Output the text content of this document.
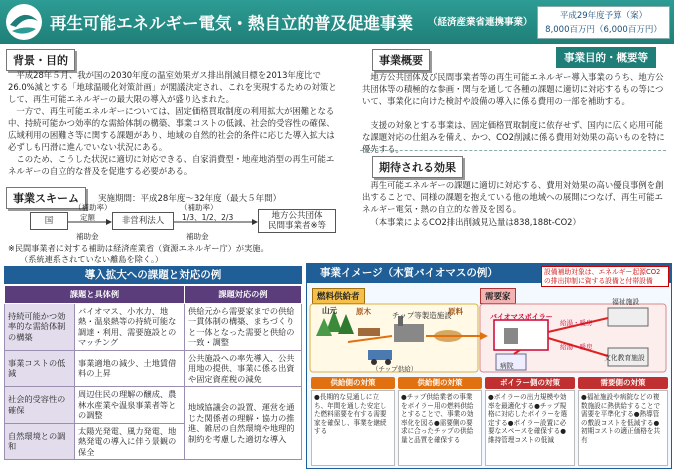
再生可能エネルギー電気・熱自立的普及促進事業 （経済産業省連携事業）
平成29年度予算（案）
8,000百万円（6,000百万円）
背景・目的
平成28年５月、我が国の2030年度の温室効果ガス排出削減目標を2013年度比で26.0%減とする「地球温暖化対策計画」が閣議決定され、これを実現するための対策として、再生可能エネルギーの最大限の導入が盛り込まれた。
一方で、再生可能エネルギーについては、固定価格買取制度の利用拡大が困難となる中、持続可能かつ効率的な需給体制の構築、事業コストの低減、社会的受容性の確保、広域利用の困難さ等に関する課題があり、地域の自然的社会的条件に応じた導入拡大は必ずしも円滑に進んでいない状況にある。
このため、こうした状況に適切に対応できる、自家消費型・地産地消型の再生可能エネルギーの自立的な普及を促進する必要がある。
事業スキーム	実施期間：平成28年度～32年度（最大５年間）
国	非営利法人	地方公共団体
民間事業者※等
（補助率）
定額
補助金
（補助率）
1/3、1/2、2/3
補助金
※民間事業者に対する補助は経済産業省（資源エネルギー庁）が実施。
（系統連系されていない離島を除く。）
事業概要	事業目的・概要等
地方公共団体及び民間事業者等の再生可能エネルギー導入事業のうち、地方公共団体等の積極的な参画・関与を通して各種の課題に適切に対応するもの等について、事業化に向けた検討や設備の導入に係る費用の一部を補助する。
支援の対象とする事業は、固定価格買取制度に依存せず、国内に広く応用可能な課題対応の仕組みを備え、かつ、CO2削減に係る費用対効果の高いものを特に優先する。
期待される効果
再生可能エネルギーの課題に適切に対応する、費用対効果の高い優良事例を創出することで、同様の課題を抱えている他の地域への展開につなげ、再生可能エネルギー電気・熱の自立的な普及を図る。
（本事業によるCO2排出削減見込量は838,188t-CO2）
導入拡大への課題と対応の例
課題と具体例		課題対応の例
持続可能かつ効率的な需給体制の構築	バイオマス、小水力、地熱・温泉熱等の持続可能な調達・利用、需要施設とのマッチング	供給元から需要家までの供給一貫体制の構築、まちづくりと一体となった需要と供給の一致・調整
事業コストの低減	事業適地の減少、土地賃借料の上昇	公共施設への率先導入、公共用地の提供、事業に係る出資や固定資産税の減免
社会的受容性の確保	周辺住民の理解の醸成、農林水産業や温泉事業者等との調整	地域協議会の設置、運営を通じた関係者の理解・協力の推進、雑居の自然環境や地理的制約を考慮した適切な導入
自然環境との調和	太陽光発電、風力発電、地熱発電の導入に伴う景観の保全	
事業イメージ（木質バイオマスの例）	設備補助対象は、エネルギー起源CO2の排出抑制に資する設備と付帯設備
燃料供給者	需要家
山元	原木	チップ等製造施設
原料
（チップ供給）
バイオマスボイラー
病院
福祉施設
文化教育施設
給湯・暖房
給湯・暖房
供給側の対策
●長期的な見通しに立ち、年間を通した安定した燃料需要を有する需要家を確保し、事業を継続する
供給側の対策
●チップ供給業者の事業をボイラー用の燃料供給とすることで、事業の効率化を図る●需要側の要求に合ったチップの供給量と品質を確保する
ボイラー側の対策
●ボイラーの出力規模や効率を最適化する●チップ規格に対応したボイラーを選定する●ボイラー設置に必要なスペースを確保する●維持管理コストの低減
需要側の対策
●福祉施設や病院などの複数施設に熱供給することで需要を平準化する●熱導管の敷設コストを低減する●初期コストの適正価格を共有
